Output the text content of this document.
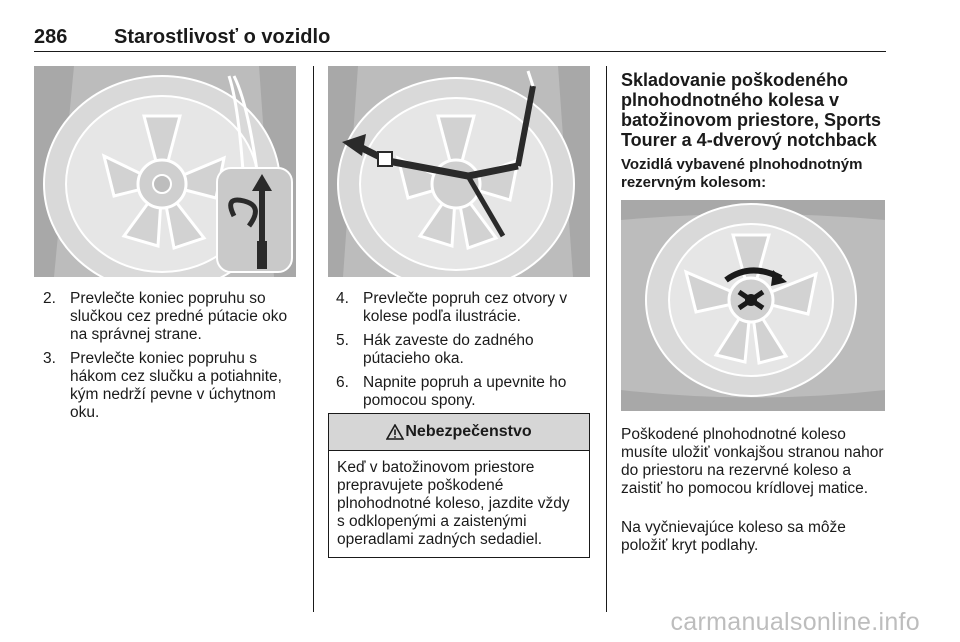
286 Starostlivosť o vozidlo
2. Prevlečte koniec popruhu so slučkou cez predné pútacie oko na správnej strane.
3. Prevlečte koniec popruhu s hákom cez slučku a potiahnite, kým nedrží pevne v úchytnom oku.
4. Prevlečte popruh cez otvory v kolese podľa ilustrácie.
5. Hák zaveste do zadného pútacieho oka.
6. Napnite popruh a upevnite ho pomocou spony.
Nebezpečenstvo
Keď v batožinovom priestore prepravujete poškodené plnohodnotné koleso, jazdite vždy s odklopenými a zaistenými operadlami zadných sedadiel.
Skladovanie poškodeného plnohodnotného kolesa v batožinovom priestore, Sports Tourer a 4-dverový notchback
Vozidlá vybavené plnohodnotným rezervným kolesom:

Poškodené plnohodnotné koleso musíte uložiť vonkajšou stranou nahor do priestoru na rezervné koleso a zaistiť ho pomocou krídlovej matice.

Na vyčnievajúce koleso sa môže položiť kryt podlahy.

carmanualsonline.info
